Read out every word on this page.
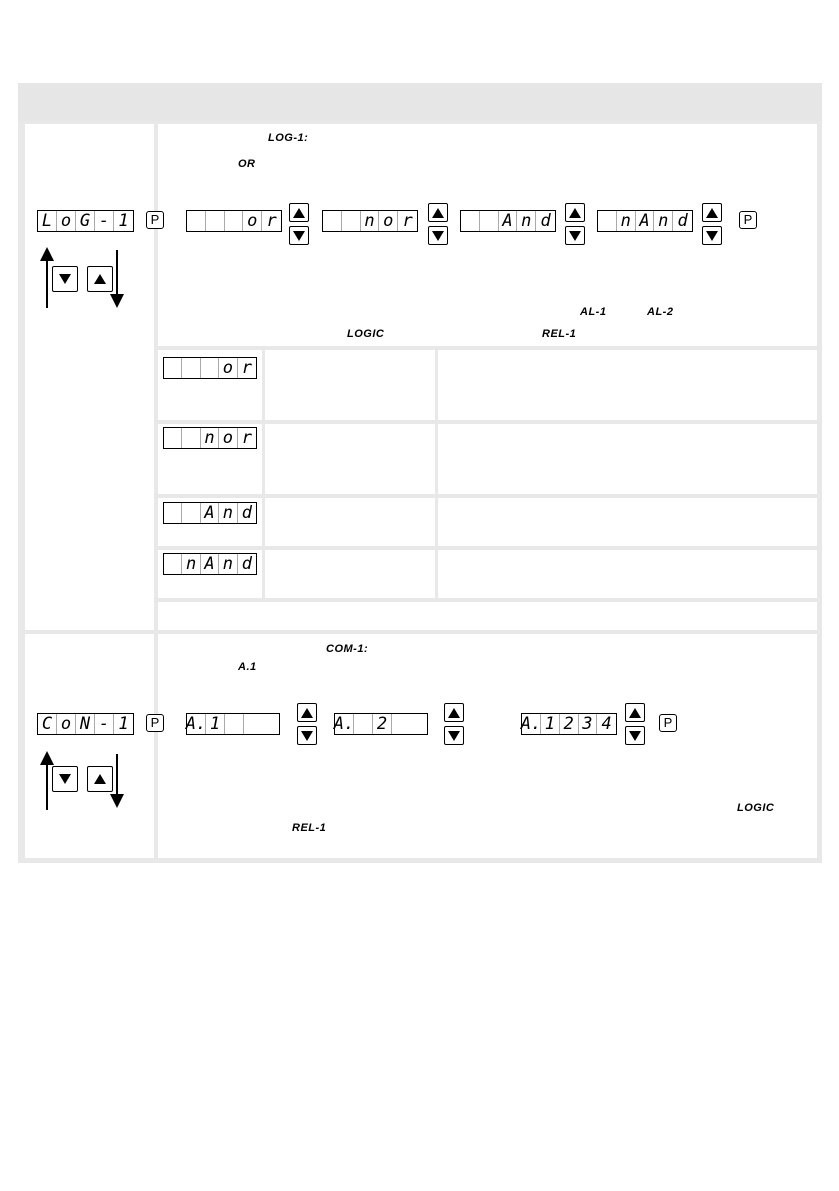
LOG-1:
OR
L o G - 1	P	o r	n o r	A n d	n A n d	P
AL-1	AL-2
LOGIC	REL-1
o r
n o r
A n d
n A n d
COM-1:
A.1
C o N - 1	P A. 1	A. 2	A. 1 2 3 4	P
LOGIC
REL-1
